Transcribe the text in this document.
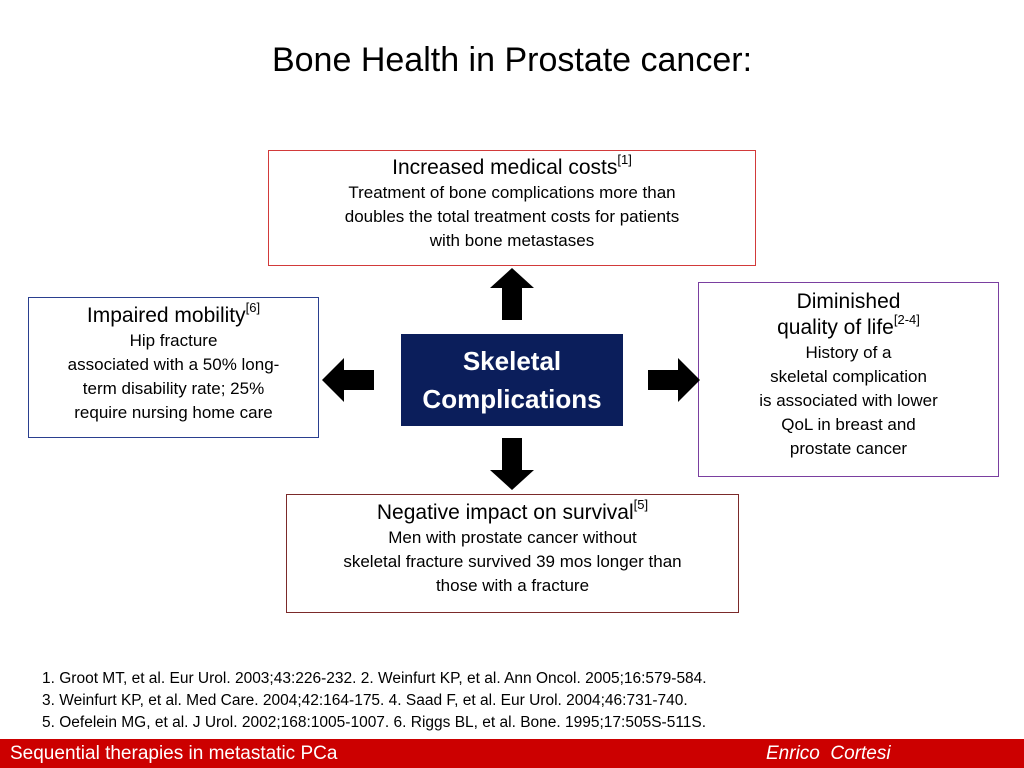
Bone Health in Prostate cancer:
Increased medical costs[1]
Treatment of bone complications more than
doubles the total treatment costs for patients
with bone metastases
Impaired mobility[6]
Hip fracture
associated with a 50% long-
term disability rate; 25%
require nursing home care
Diminished
quality of life[2-4]
History of a
skeletal complication
is associated with lower
QoL in breast and
prostate cancer
Negative impact on survival[5]
Men with prostate cancer without
skeletal fracture survived 39 mos longer than
those with a fracture
Skeletal
Complications
1. Groot MT, et al. Eur Urol. 2003;43:226-232. 2. Weinfurt KP, et al. Ann Oncol. 2005;16:579-584.
3. Weinfurt KP, et al. Med Care. 2004;42:164-175. 4. Saad F, et al. Eur Urol. 2004;46:731-740.
5. Oefelein MG, et al. J Urol. 2002;168:1005-1007. 6. Riggs BL, et al. Bone. 1995;17:505S-511S.
Sequential therapies in metastatic PCa	Enrico  Cortesi
